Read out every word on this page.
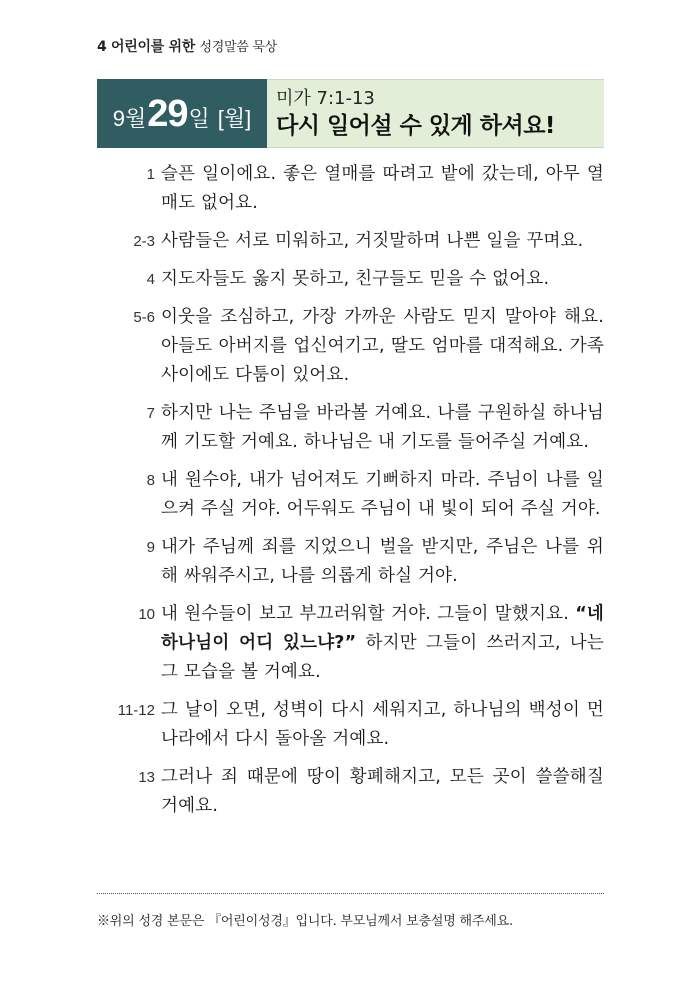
4 어린이를 위한 성경말씀 묵상
9월 29 일 [월]
미가 7:1-13
다시 일어설 수 있게 하셔요!
1 슬픈 일이에요. 좋은 열매를 따려고 밭에 갔는데, 아무 열매도 없어요.
2-3 사람들은 서로 미워하고, 거짓말하며 나쁜 일을 꾸며요.
4 지도자들도 옳지 못하고, 친구들도 믿을 수 없어요.
5-6 이웃을 조심하고, 가장 가까운 사람도 믿지 말아야 해요. 아들도 아버지를 업신여기고, 딸도 엄마를 대적해요. 가족 사이에도 다툼이 있어요.
7 하지만 나는 주님을 바라볼 거예요. 나를 구원하실 하나님께 기도할 거예요. 하나님은 내 기도를 들어주실 거예요.
8 내 원수야, 내가 넘어져도 기뻐하지 마라. 주님이 나를 일으켜 주실 거야. 어두워도 주님이 내 빛이 되어 주실 거야.
9 내가 주님께 죄를 지었으니 벌을 받지만, 주님은 나를 위해 싸워주시고, 나를 의롭게 하실 거야.
10 내 원수들이 보고 부끄러워할 거야. 그들이 말했지요. “네 하나님이 어디 있느냐?” 하지만 그들이 쓰러지고, 나는 그 모습을 볼 거예요.
11-12 그 날이 오면, 성벽이 다시 세워지고, 하나님의 백성이 먼 나라에서 다시 돌아올 거예요.
13 그러나 죄 때문에 땅이 황폐해지고, 모든 곳이 쓸쓸해질 거예요.
※위의 성경 본문은 『어린이성경』입니다. 부모님께서 보충설명 해주세요.
